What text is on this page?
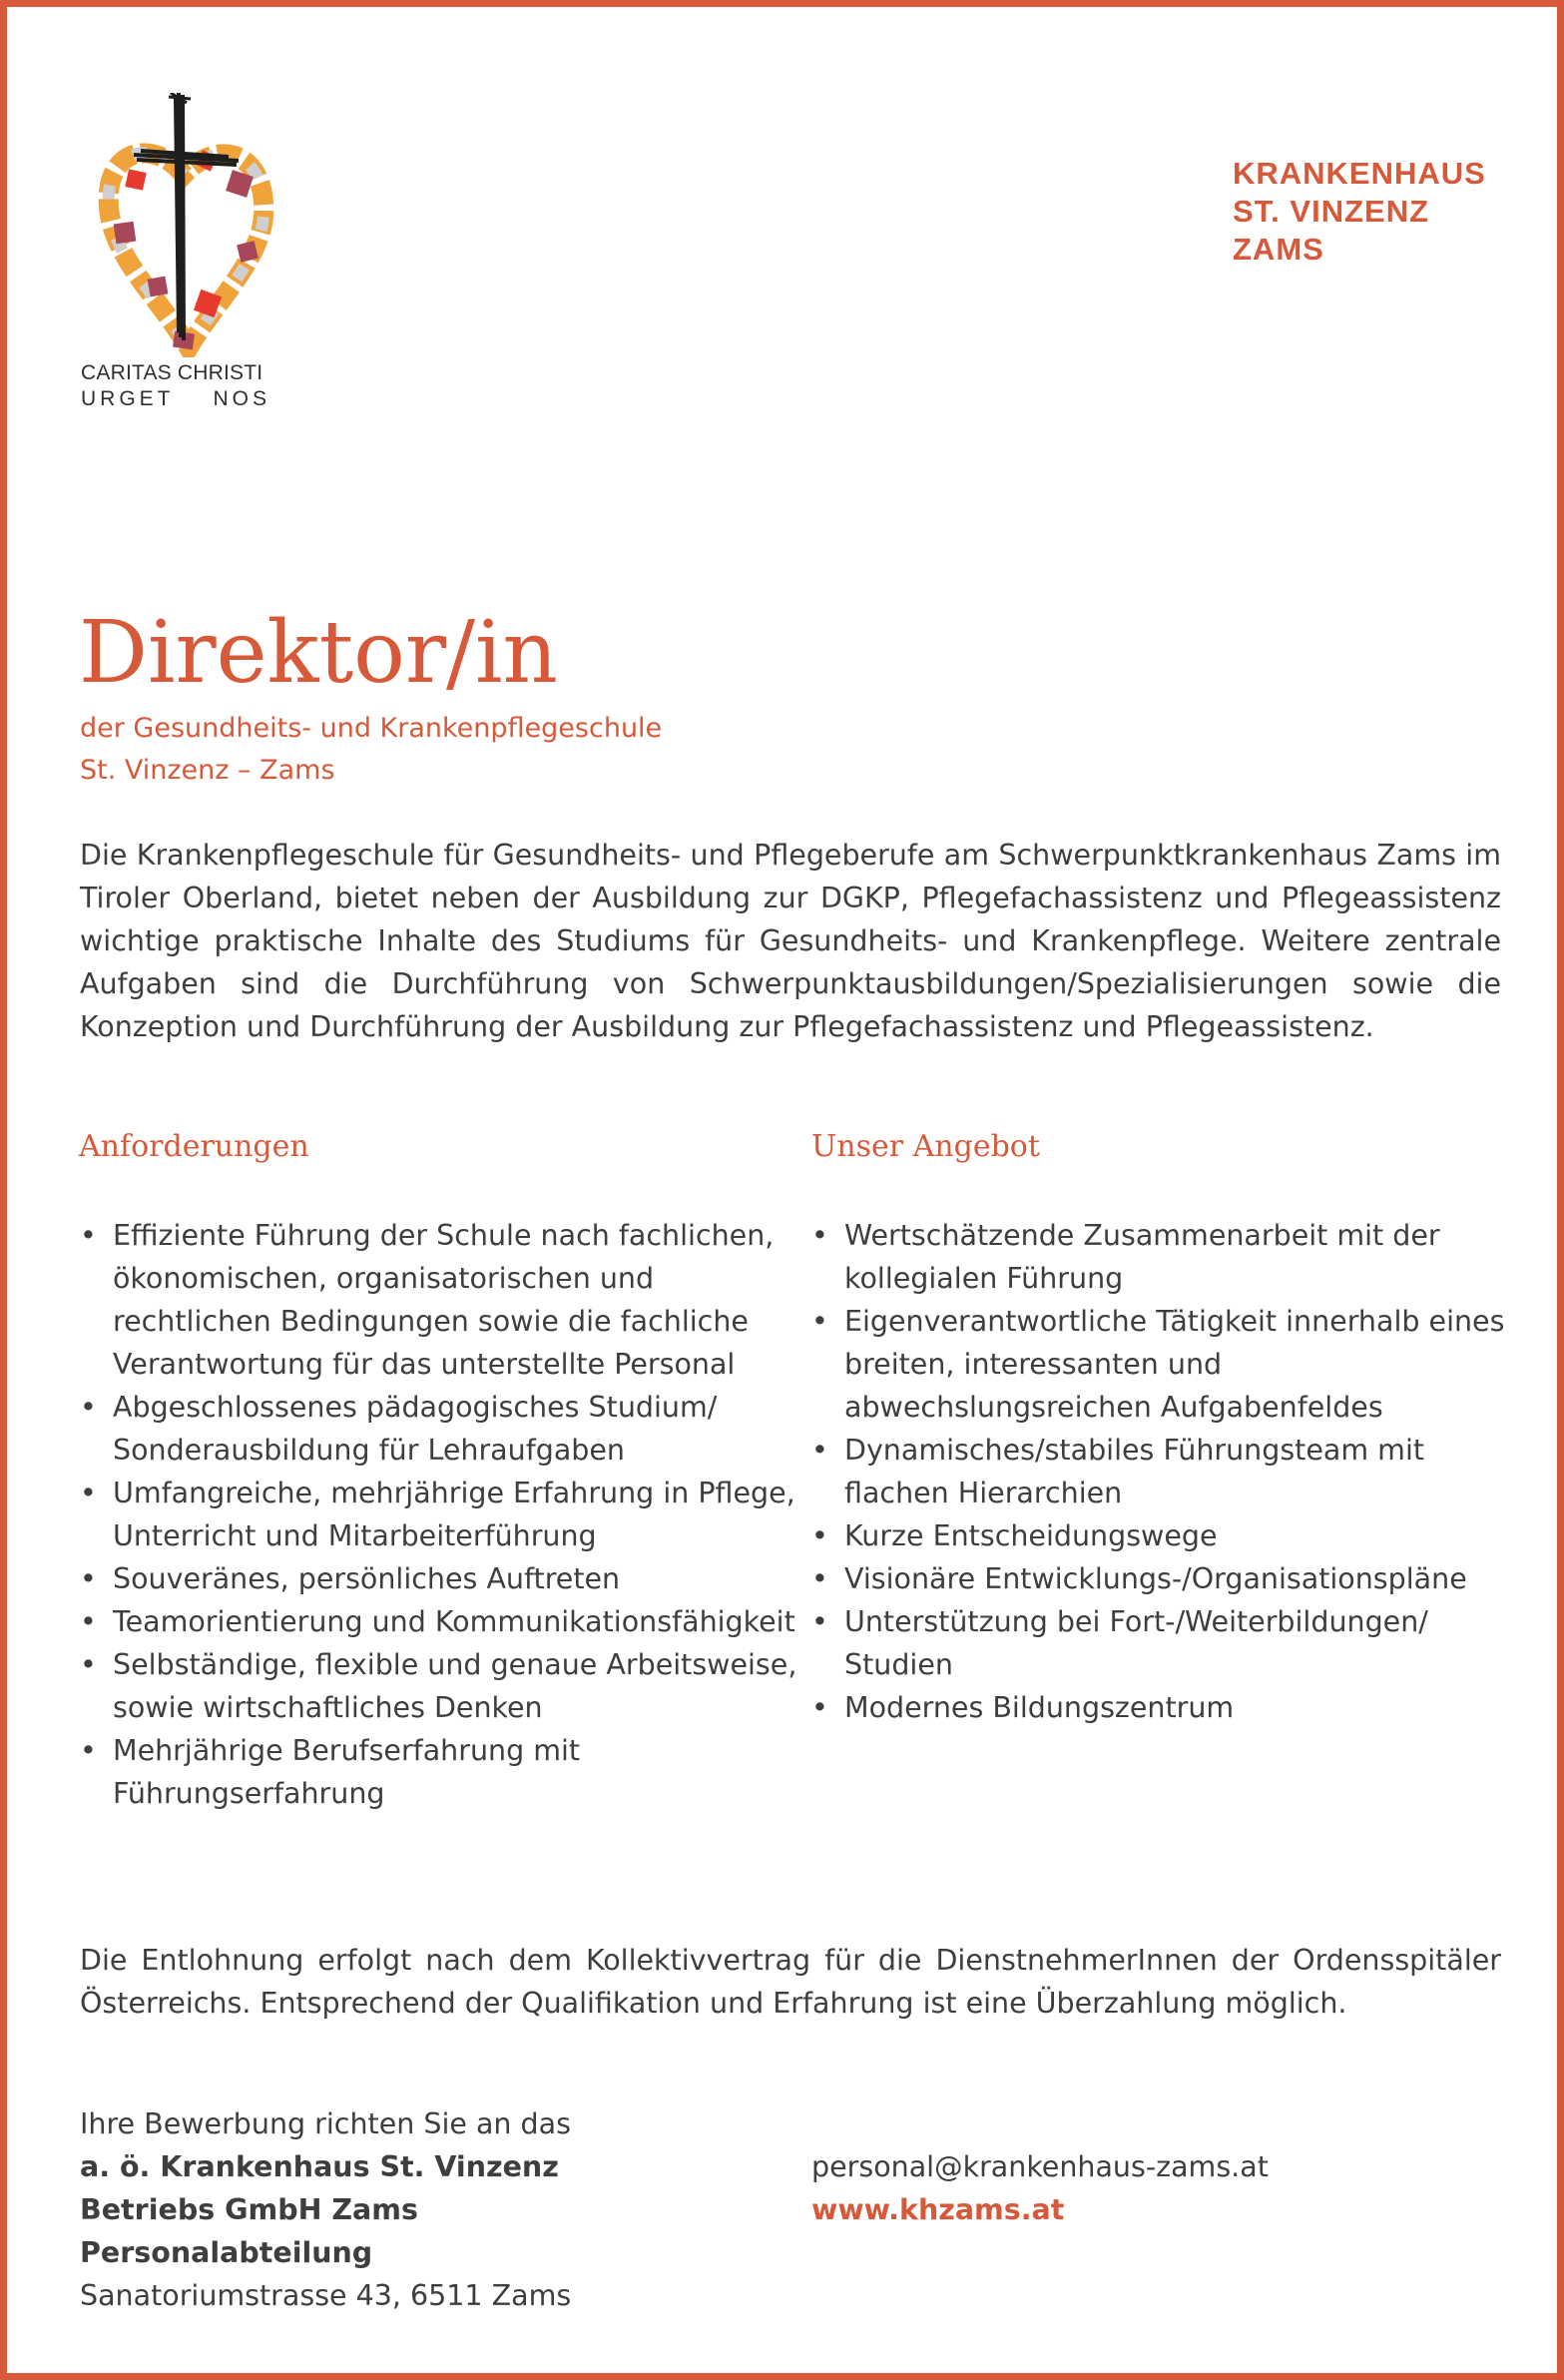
CARITAS CHRISTI
URGET    NOS
KRANKENHAUS
ST. VINZENZ
ZAMS
Direktor/in
der Gesundheits- und Krankenpflegeschule
St. Vinzenz – Zams

Die Krankenpflegeschule für Gesundheits- und Pflegeberufe am Schwerpunktkrankenhaus Zams im Tiroler Oberland, bietet neben der Ausbildung zur DGKP, Pflegefachassistenz und Pflegeassistenz wichtige praktische Inhalte des Studiums für Gesundheits- und Krankenpflege. Weitere zentrale Aufgaben sind die Durchführung von Schwerpunktausbildungen/Spezialisierungen sowie die Konzeption und Durchführung der Ausbildung zur Pflegefachassistenz und Pflegeassistenz.

Anforderungen	Unser Angebot
• Effiziente Führung der Schule nach fachlichen, ökonomischen, organisatorischen und rechtlichen Bedingungen sowie die fachliche Verantwortung für das unterstellte Personal
• Abgeschlossenes pädagogisches Studium/ Sonderausbildung für Lehraufgaben
• Umfangreiche, mehrjährige Erfahrung in Pflege, Unterricht und Mitarbeiterführung
• Souveränes, persönliches Auftreten
• Teamorientierung und Kommunikationsfähigkeit
• Selbständige, flexible und genaue Arbeitsweise, sowie wirtschaftliches Denken
• Mehrjährige Berufserfahrung mit Führungserfahrung
• Wertschätzende Zusammenarbeit mit der kollegialen Führung
• Eigenverantwortliche Tätigkeit innerhalb eines breiten, interessanten und abwechslungsreichen Aufgabenfeldes
• Dynamisches/stabiles Führungsteam mit flachen Hierarchien
• Kurze Entscheidungswege
• Visionäre Entwicklungs-/Organisationspläne
• Unterstützung bei Fort-/Weiterbildungen/ Studien
• Modernes Bildungszentrum

Die Entlohnung erfolgt nach dem Kollektivvertrag für die DienstnehmerInnen der Ordensspitäler Österreichs. Entsprechend der Qualifikation und Erfahrung ist eine Überzahlung möglich.

Ihre Bewerbung richten Sie an das
a. ö. Krankenhaus St. Vinzenz
Betriebs GmbH Zams
Personalabteilung
Sanatoriumstrasse 43, 6511 Zams
personal@krankenhaus-zams.at
www.khzams.at
